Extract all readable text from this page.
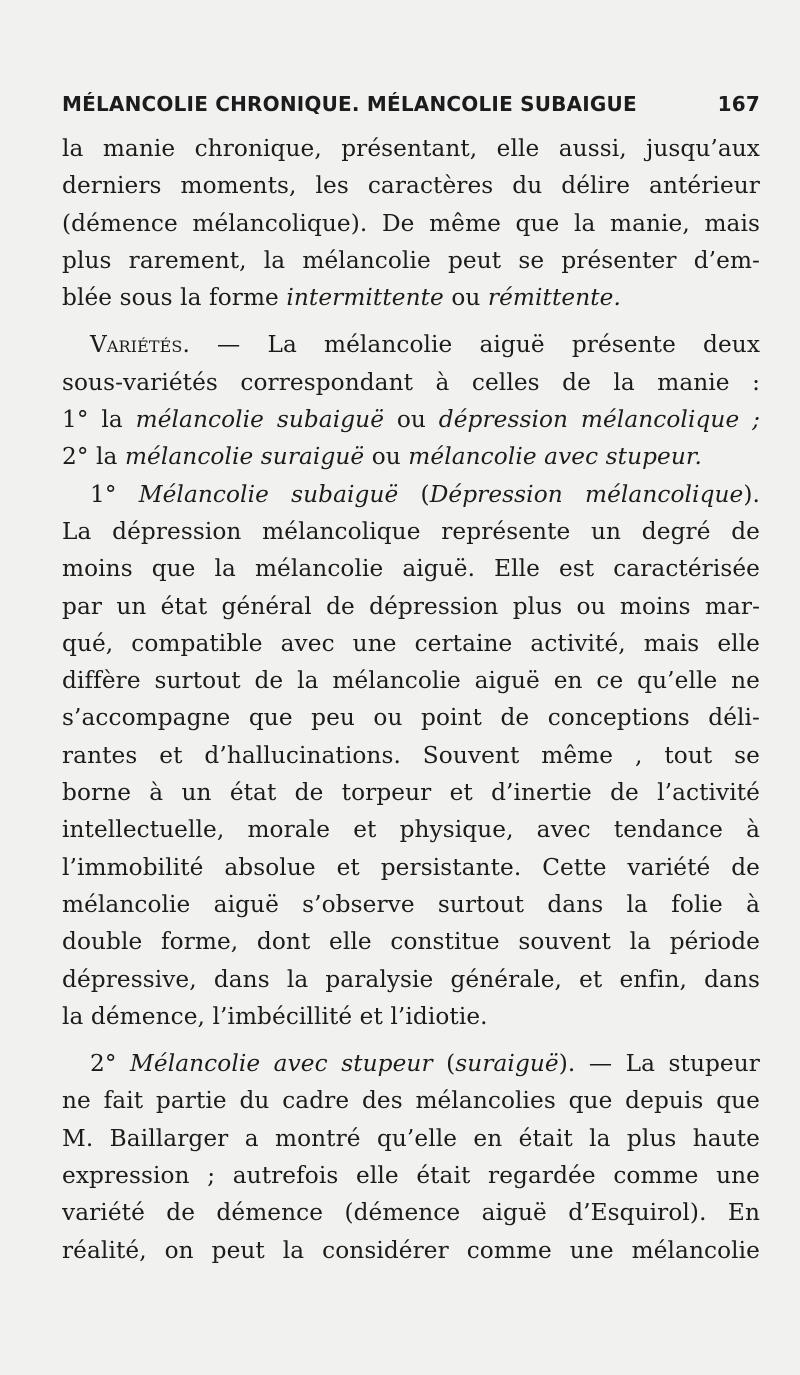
MÉLANCOLIE CHRONIQUE. MÉLANCOLIE SUBAIGUE	167
la manie chronique, présentant, elle aussi, jusqu’aux
derniers moments, les caractères du délire antérieur
(démence mélancolique). De même que la manie, mais
plus rarement, la mélancolie peut se présenter d’em-
blée sous la forme intermittente ou rémittente.
Variétés. — La mélancolie aiguë présente deux
sous-variétés correspondant à celles de la manie :
1° la mélancolie subaiguë ou dépression mélancolique ;
2° la mélancolie suraiguë ou mélancolie avec stupeur.
1° Mélancolie subaiguë (Dépression mélancolique).
La dépression mélancolique représente un degré de
moins que la mélancolie aiguë. Elle est caractérisée
par un état général de dépression plus ou moins mar-
qué, compatible avec une certaine activité, mais elle
diffère surtout de la mélancolie aiguë en ce qu’elle ne
s’accompagne que peu ou point de conceptions déli-
rantes et d’hallucinations. Souvent même , tout se
borne à un état de torpeur et d’inertie de l’activité
intellectuelle, morale et physique, avec tendance à
l’immobilité absolue et persistante. Cette variété de
mélancolie aiguë s’observe surtout dans la folie à
double forme, dont elle constitue souvent la période
dépressive, dans la paralysie générale, et enfin, dans
la démence, l’imbécillité et l’idiotie.
2° Mélancolie avec stupeur (suraiguë). — La stupeur
ne fait partie du cadre des mélancolies que depuis que
M. Baillarger a montré qu’elle en était la plus haute
expression ; autrefois elle était regardée comme une
variété de démence (démence aiguë d’Esquirol). En
réalité, on peut la considérer comme une mélancolie
